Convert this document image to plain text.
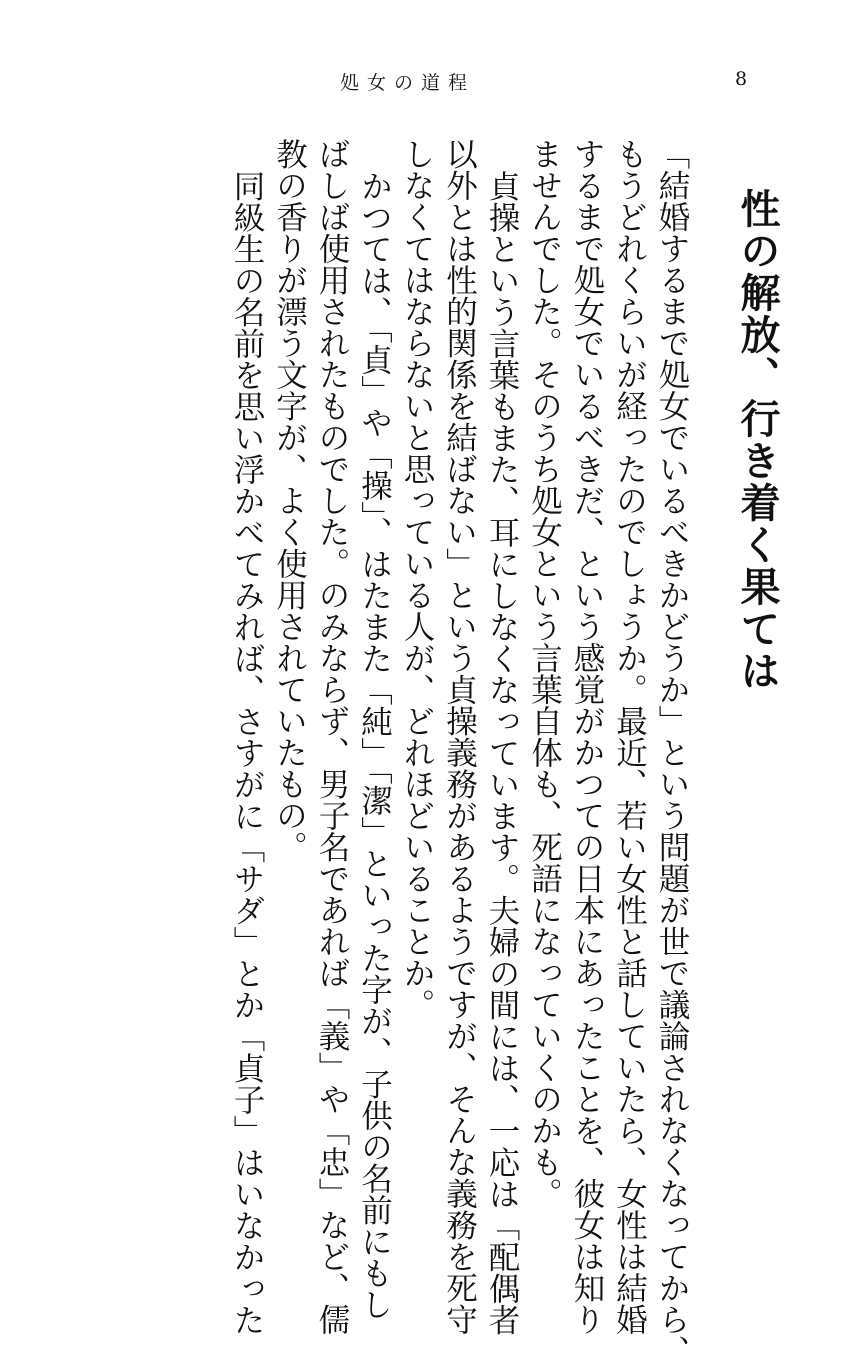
処女の道程	8
性の解放、行き着く果ては
「結婚するまで処女でいるべきかどうか」という問題が世で議論されなくなってから、
もうどれくらいが経ったのでしょうか。最近、若い女性と話していたら、女性は結婚
するまで処女でいるべきだ、という感覚がかつての日本にあったことを、彼女は知り
ませんでした。そのうち処女という言葉自体も、死語になっていくのかも。
貞操という言葉もまた、耳にしなくなっています。夫婦の間には、一応は「配偶者
以外とは性的関係を結ばない」という貞操義務があるようですが、そんな義務を死守
しなくてはならないと思っている人が、どれほどいることか。
かつては、「貞」や「操」、はたまた「純」「潔」といった字が、子供の名前にもし
ばしば使用されたものでした。のみならず、男子名であれば「義」や「忠」など、儒
教の香りが漂う文字が、よく使用されていたもの。
同級生の名前を思い浮かべてみれば、さすがに「サダ」とか「貞子」はいなかった
